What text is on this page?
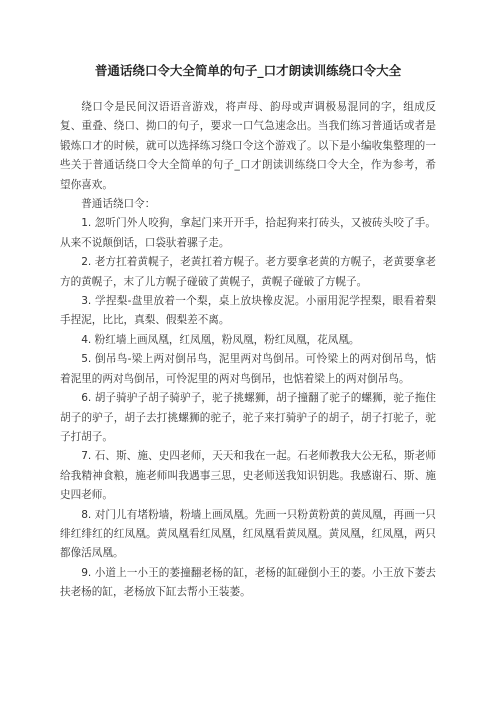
普通话绕口令大全简单的句子_口才朗读训练绕口令大全

绕口令是民间汉语语音游戏，将声母、韵母或声调极易混同的字，组成反复、重叠、绕口、拗口的句子，要求一口气急速念出。当我们练习普通话或者是锻炼口才的时候，就可以选择练习绕口令这个游戏了。以下是小编收集整理的一些关于普通话绕口令大全简单的句子_口才朗读训练绕口令大全，作为参考，希望你喜欢。

普通话绕口令：

1. 忽听门外人咬狗，拿起门来开开手，拾起狗来打砖头，又被砖头咬了手。从来不说颠倒话，口袋驮着骡子走。
2. 老方扛着黄幌子，老黄扛着方幌子。老方要拿老黄的方幌子，老黄要拿老方的黄幌子，末了儿方幌子碰破了黄幌子，黄幌子碰破了方幌子。
3. 学捏梨-盘里放着一个梨，桌上放块橡皮泥。小丽用泥学捏梨，眼看着梨手捏泥，比比，真梨、假梨差不离。
4. 粉红墙上画凤凰，红凤凰，粉凤凰，粉红凤凰，花凤凰。
5. 倒吊鸟-梁上两对倒吊鸟，泥里两对鸟倒吊。可怜梁上的两对倒吊鸟，惦着泥里的两对鸟倒吊，可怜泥里的两对鸟倒吊，也惦着梁上的两对倒吊鸟。
6. 胡子骑驴子胡子骑驴子，驼子挑螺狮，胡子撞翻了驼子的螺狮，驼子拖住胡子的驴子，胡子去打挑螺狮的驼子，驼子来打骑驴子的胡子，胡子打驼子，驼子打胡子。
7. 石、斯、施、史四老师，天天和我在一起。石老师教我大公无私，斯老师给我精神食粮，施老师叫我遇事三思，史老师送我知识钥匙。我感谢石、斯、施史四老师。
8. 对门儿有堵粉墙，粉墙上画凤凰。先画一只粉黄粉黄的黄凤凰，再画一只绯红绯红的红凤凰。黄凤凰看红凤凰，红凤凰看黄凤凰。黄凤凰，红凤凰，两只都像活凤凰。
9. 小道上一小王的萎撞翻老杨的缸，老杨的缸碰倒小王的萎。小王放下萎去扶老杨的缸，老杨放下缸去帮小王装萎。
